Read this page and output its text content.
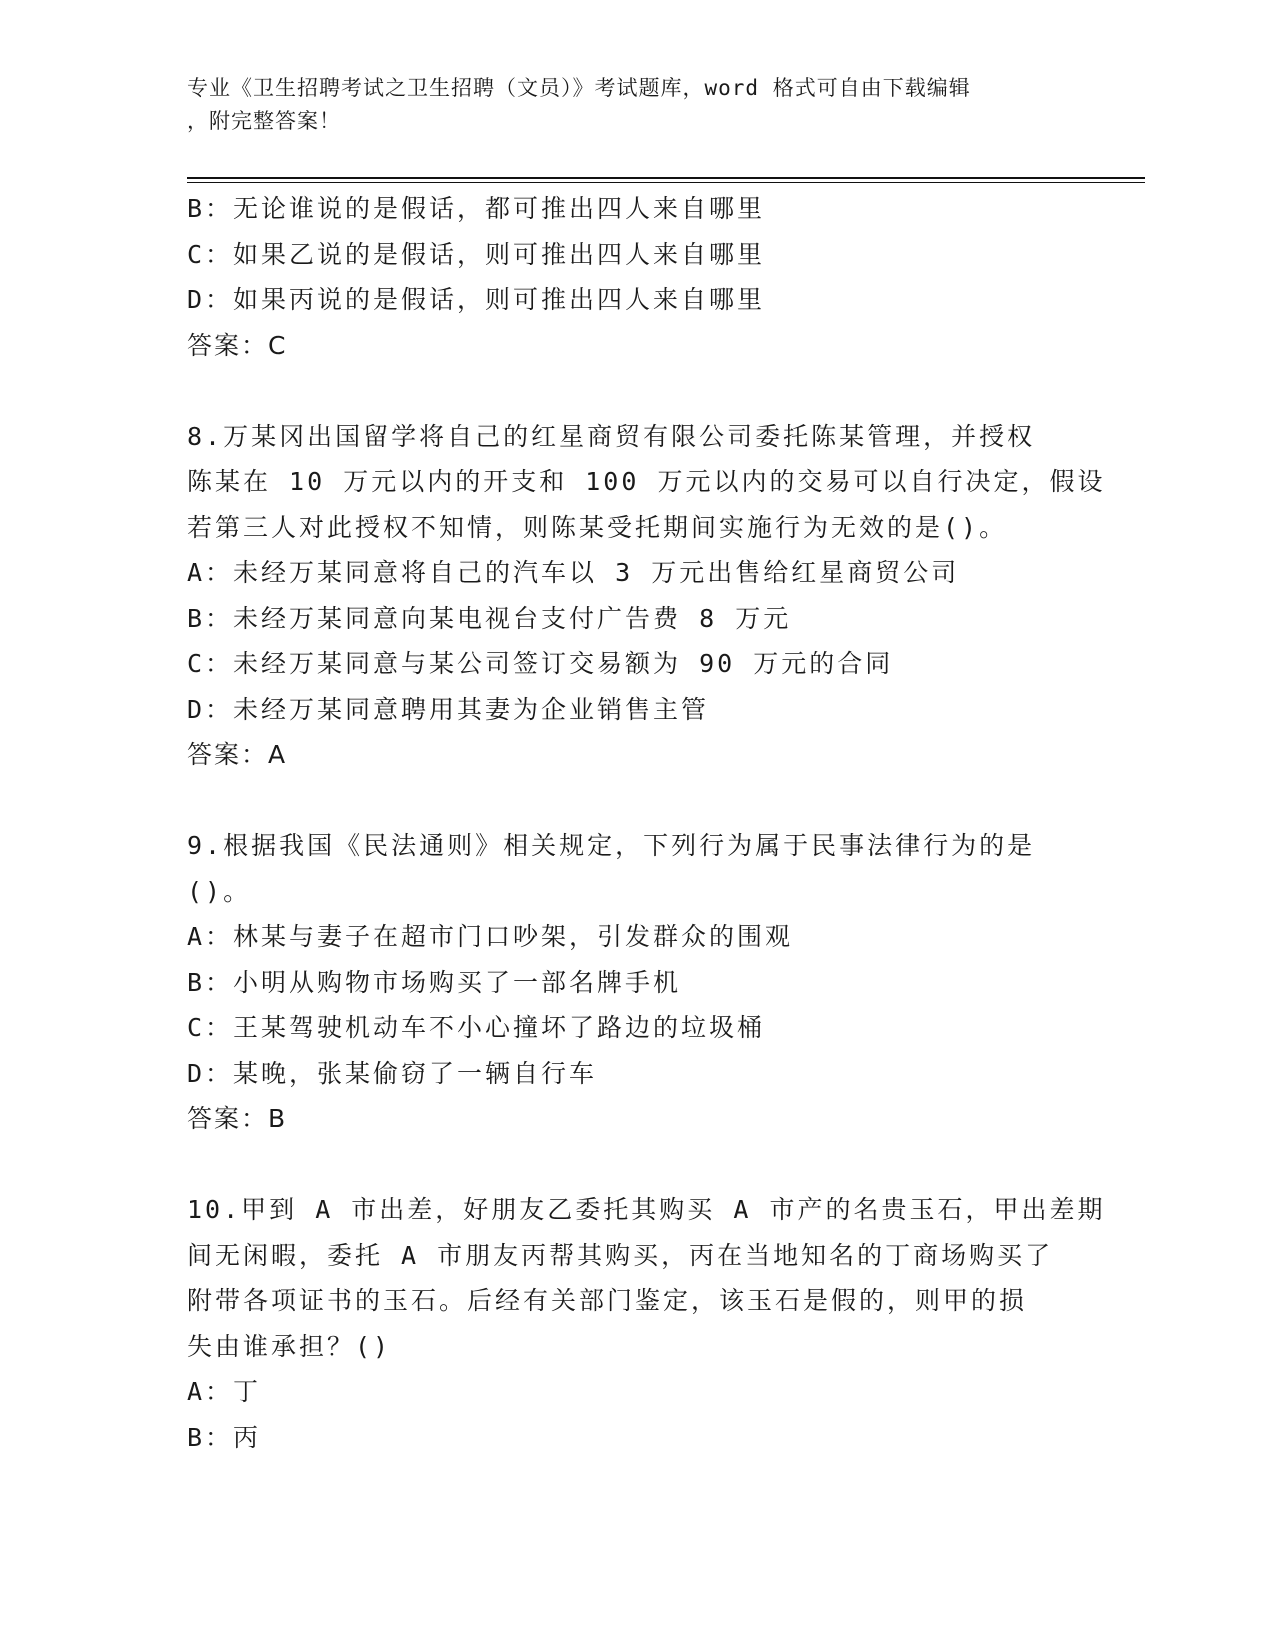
专业《卫生招聘考试之卫生招聘（文员）》考试题库，word 格式可自由下载编辑
，附完整答案！
B：无论谁说的是假话，都可推出四人来自哪里
C：如果乙说的是假话，则可推出四人来自哪里
D：如果丙说的是假话，则可推出四人来自哪里
答案：C
8.万某冈出国留学将自己的红星商贸有限公司委托陈某管理，并授权
陈某在 10 万元以内的开支和 100 万元以内的交易可以自行决定，假设
若第三人对此授权不知情，则陈某受托期间实施行为无效的是()。
A：未经万某同意将自己的汽车以 3 万元出售给红星商贸公司
B：未经万某同意向某电视台支付广告费 8 万元
C：未经万某同意与某公司签订交易额为 90 万元的合同
D：未经万某同意聘用其妻为企业销售主管
答案：A
9.根据我国《民法通则》相关规定，下列行为属于民事法律行为的是
()。
A：林某与妻子在超市门口吵架，引发群众的围观
B：小明从购物市场购买了一部名牌手机
C：王某驾驶机动车不小心撞坏了路边的垃圾桶
D：某晚，张某偷窃了一辆自行车
答案：B
10.甲到 A 市出差，好朋友乙委托其购买 A 市产的名贵玉石，甲出差期
间无闲暇，委托 A 市朋友丙帮其购买，丙在当地知名的丁商场购买了
附带各项证书的玉石。后经有关部门鉴定，该玉石是假的，则甲的损
失由谁承担？()
A：丁
B：丙
